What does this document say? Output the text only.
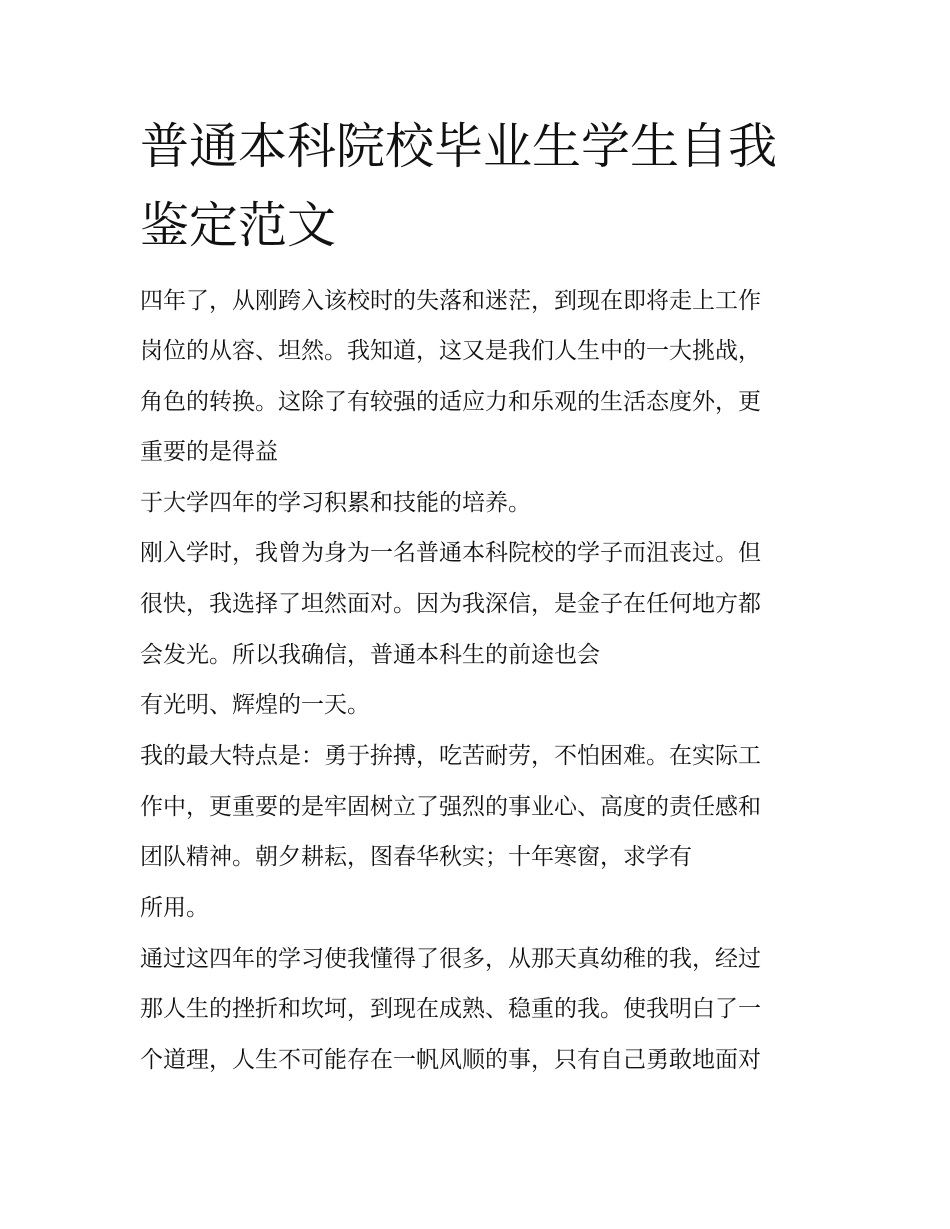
普通本科院校毕业生学生自我
鉴定范文
四年了，从刚跨入该校时的失落和迷茫，到现在即将走上工作
岗位的从容、坦然。我知道，这又是我们人生中的一大挑战，
角色的转换。这除了有较强的适应力和乐观的生活态度外，更
重要的是得益
于大学四年的学习积累和技能的培养。
刚入学时，我曾为身为一名普通本科院校的学子而沮丧过。但
很快，我选择了坦然面对。因为我深信，是金子在任何地方都
会发光。所以我确信，普通本科生的前途也会
有光明、辉煌的一天。
我的最大特点是：勇于拚搏，吃苦耐劳，不怕困难。在实际工
作中，更重要的是牢固树立了强烈的事业心、高度的责任感和
团队精神。朝夕耕耘，图春华秋实；十年寒窗，求学有
所用。
通过这四年的学习使我懂得了很多，从那天真幼稚的我，经过
那人生的挫折和坎坷，到现在成熟、稳重的我。使我明白了一
个道理，人生不可能存在一帆风顺的事，只有自己勇敢地面对
